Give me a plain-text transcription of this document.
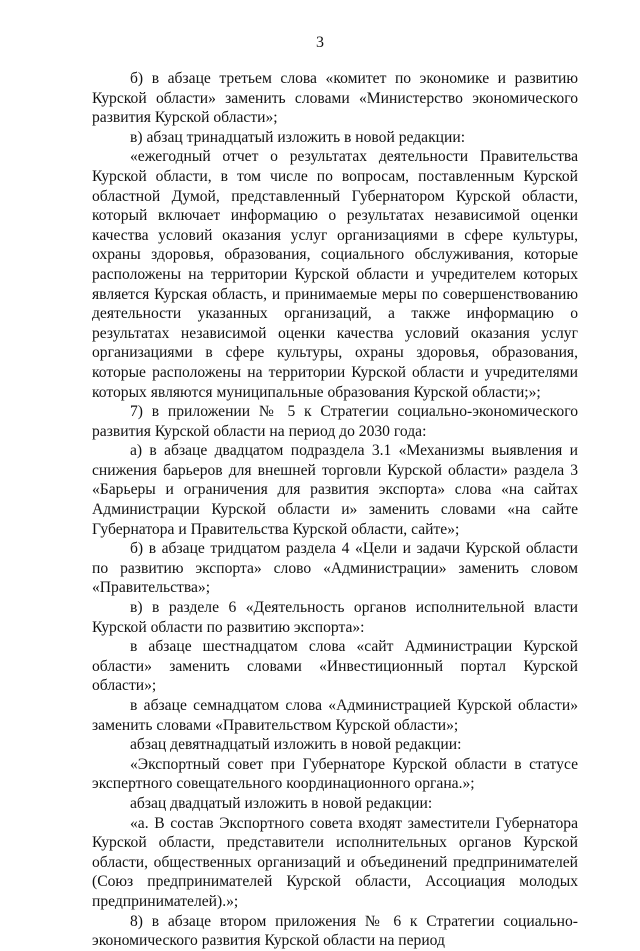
3

б) в абзаце третьем слова «комитет по экономике и развитию Курской области» заменить словами «Министерство экономического развития Курской области»;

в) абзац тринадцатый изложить в новой редакции:

«ежегодный отчет о результатах деятельности Правительства Курской области, в том числе по вопросам, поставленным Курской областной Думой, представленный Губернатором Курской области, который включает информацию о результатах независимой оценки качества условий оказания услуг организациями в сфере культуры, охраны здоровья, образования, социального обслуживания, которые расположены на территории Курской области и учредителем которых является Курская область, и принимаемые меры по совершенствованию деятельности указанных организаций, а также информацию о результатах независимой оценки качества условий оказания услуг организациями в сфере культуры, охраны здоровья, образования, которые расположены на территории Курской области и учредителями которых являются муниципальные образования Курской области;»;

7) в приложении № 5 к Стратегии социально-экономического развития Курской области на период до 2030 года:

а) в абзаце двадцатом подраздела 3.1 «Механизмы выявления и снижения барьеров для внешней торговли Курской области» раздела 3 «Барьеры и ограничения для развития экспорта» слова «на сайтах Администрации Курской области и» заменить словами «на сайте Губернатора и Правительства Курской области, сайте»;

б) в абзаце тридцатом раздела 4 «Цели и задачи Курской области по развитию экспорта» слово «Администрации» заменить словом «Правительства»;

в) в разделе 6 «Деятельность органов исполнительной власти Курской области по развитию экспорта»:

в абзаце шестнадцатом слова «сайт Администрации Курской области» заменить словами «Инвестиционный портал Курской области»;

в абзаце семнадцатом слова «Администрацией Курской области» заменить словами «Правительством Курской области»;

абзац девятнадцатый изложить в новой редакции:

«Экспортный совет при Губернаторе Курской области в статусе экспертного совещательного координационного органа.»;

абзац двадцатый изложить в новой редакции:

«а. В состав Экспортного совета входят заместители Губернатора Курской области, представители исполнительных органов Курской области, общественных организаций и объединений предпринимателей (Союз предпринимателей Курской области, Ассоциация молодых предпринимателей).»;

8) в абзаце втором приложения № 6 к Стратегии социально-экономического развития Курской области на период
